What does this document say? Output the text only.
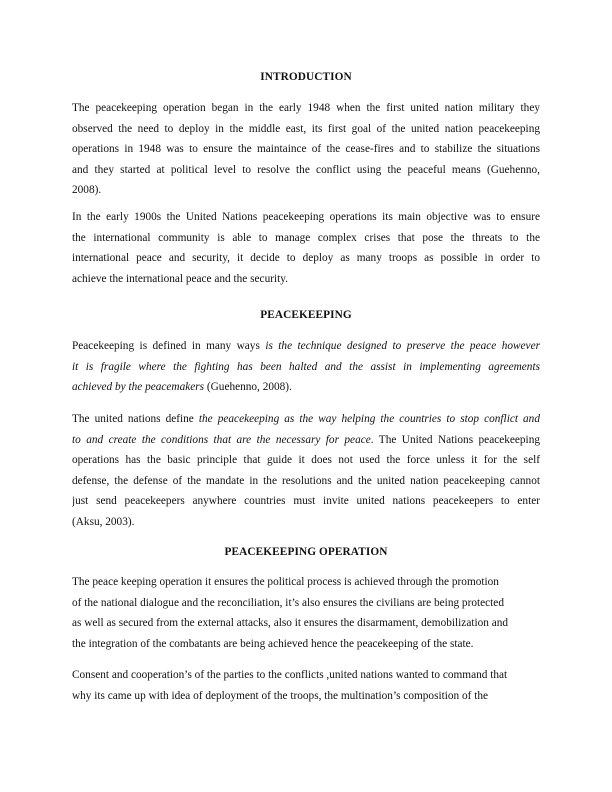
INTRODUCTION
The peacekeeping operation began in the early 1948 when the first united nation military they
observed the need to deploy in the middle east, its first goal of the united nation peacekeeping
operations in 1948 was to ensure the maintaince of the cease-fires and to stabilize the situations
and they started at political level to resolve the conflict using the peaceful means (Guehenno,
2008).
In the early 1900s the United Nations peacekeeping operations its main objective was to ensure
the international community is able to manage complex crises that pose the threats to the
international peace and security, it decide to deploy as many troops as possible in order to
achieve the international peace and the security.
PEACEKEEPING
Peacekeeping is defined in many ways is the technique designed to preserve the peace however
it is fragile where the fighting has been halted and the assist in implementing agreements
achieved by the peacemakers (Guehenno, 2008).
The united nations define the peacekeeping as the way helping the countries to stop conflict and
to and create the conditions that are the necessary for peace. The United Nations peacekeeping
operations has the basic principle that guide it does not used the force unless it for the self
defense, the defense of the mandate in the resolutions and the united nation peacekeeping cannot
just send peacekeepers anywhere countries must invite united nations peacekeepers to enter
(Aksu, 2003).
PEACEKEEPING OPERATION
The peace keeping operation it ensures the political process is achieved through the promotion
of the national dialogue and the reconciliation, it’s also ensures the civilians are being protected
as well as secured from the external attacks, also it ensures the disarmament, demobilization and
the integration of the combatants are being achieved hence the peacekeeping of the state.
Consent and cooperation’s of the parties to the conflicts ,united nations wanted to command that
why its came up with idea of deployment of the troops, the multination’s composition of the
